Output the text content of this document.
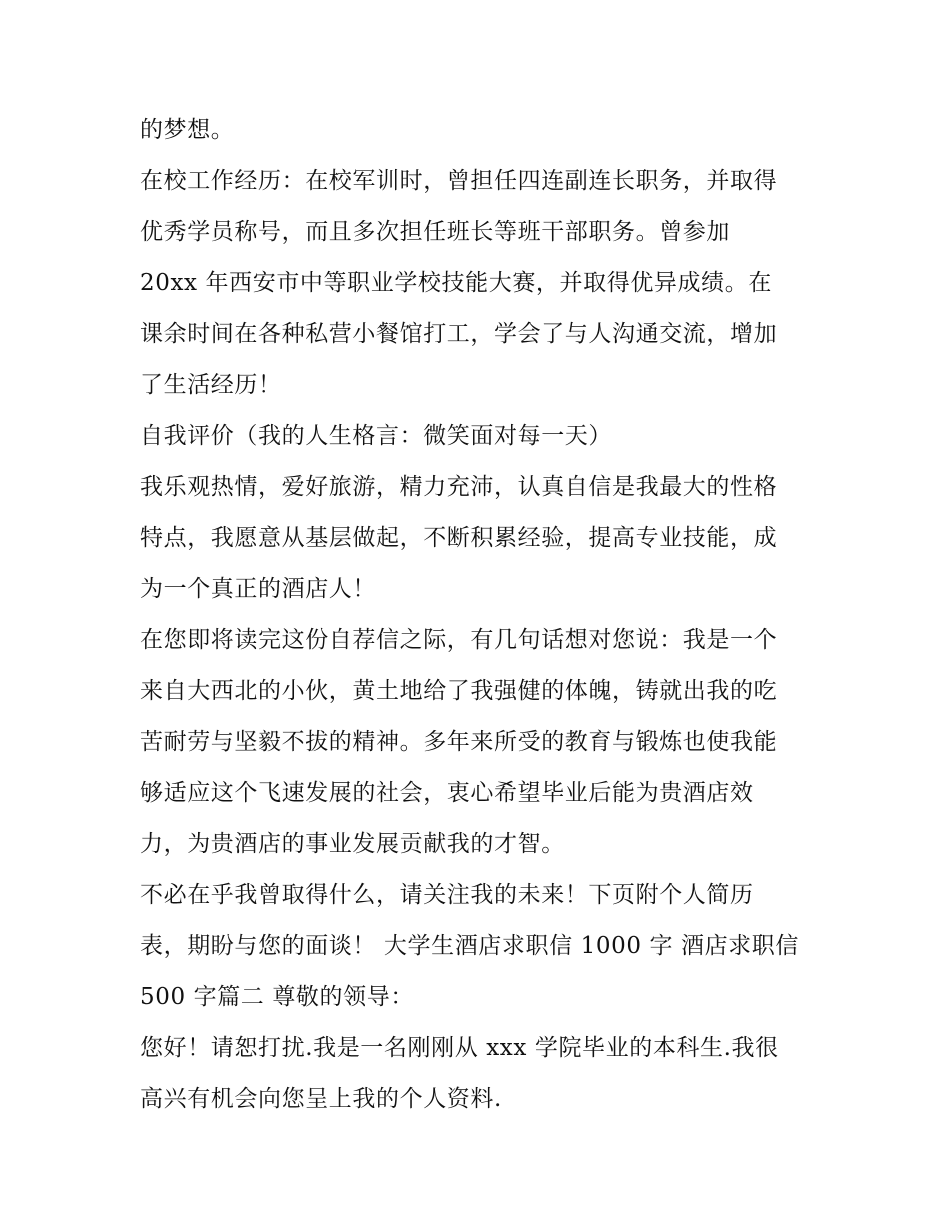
的梦想。
在校工作经历：在校军训时，曾担任四连副连长职务，并取得
优秀学员称号，而且多次担任班长等班干部职务。曾参加
20xx 年西安市中等职业学校技能大赛，并取得优异成绩。在
课余时间在各种私营小餐馆打工，学会了与人沟通交流，增加
了生活经历！
自我评价（我的人生格言：微笑面对每一天）
我乐观热情，爱好旅游，精力充沛，认真自信是我最大的性格
特点，我愿意从基层做起，不断积累经验，提高专业技能，成
为一个真正的酒店人！
在您即将读完这份自荐信之际，有几句话想对您说：我是一个
来自大西北的小伙，黄土地给了我强健的体魄，铸就出我的吃
苦耐劳与坚毅不拔的精神。多年来所受的教育与锻炼也使我能
够适应这个飞速发展的社会，衷心希望毕业后能为贵酒店效
力，为贵酒店的事业发展贡献我的才智。
不必在乎我曾取得什么，请关注我的未来！下页附个人简历
表，期盼与您的面谈！ 大学生酒店求职信 1000 字 酒店求职信
500 字篇二 尊敬的领导：
您好！请恕打扰.我是一名刚刚从 xxx 学院毕业的本科生.我很
高兴有机会向您呈上我的个人资料.
